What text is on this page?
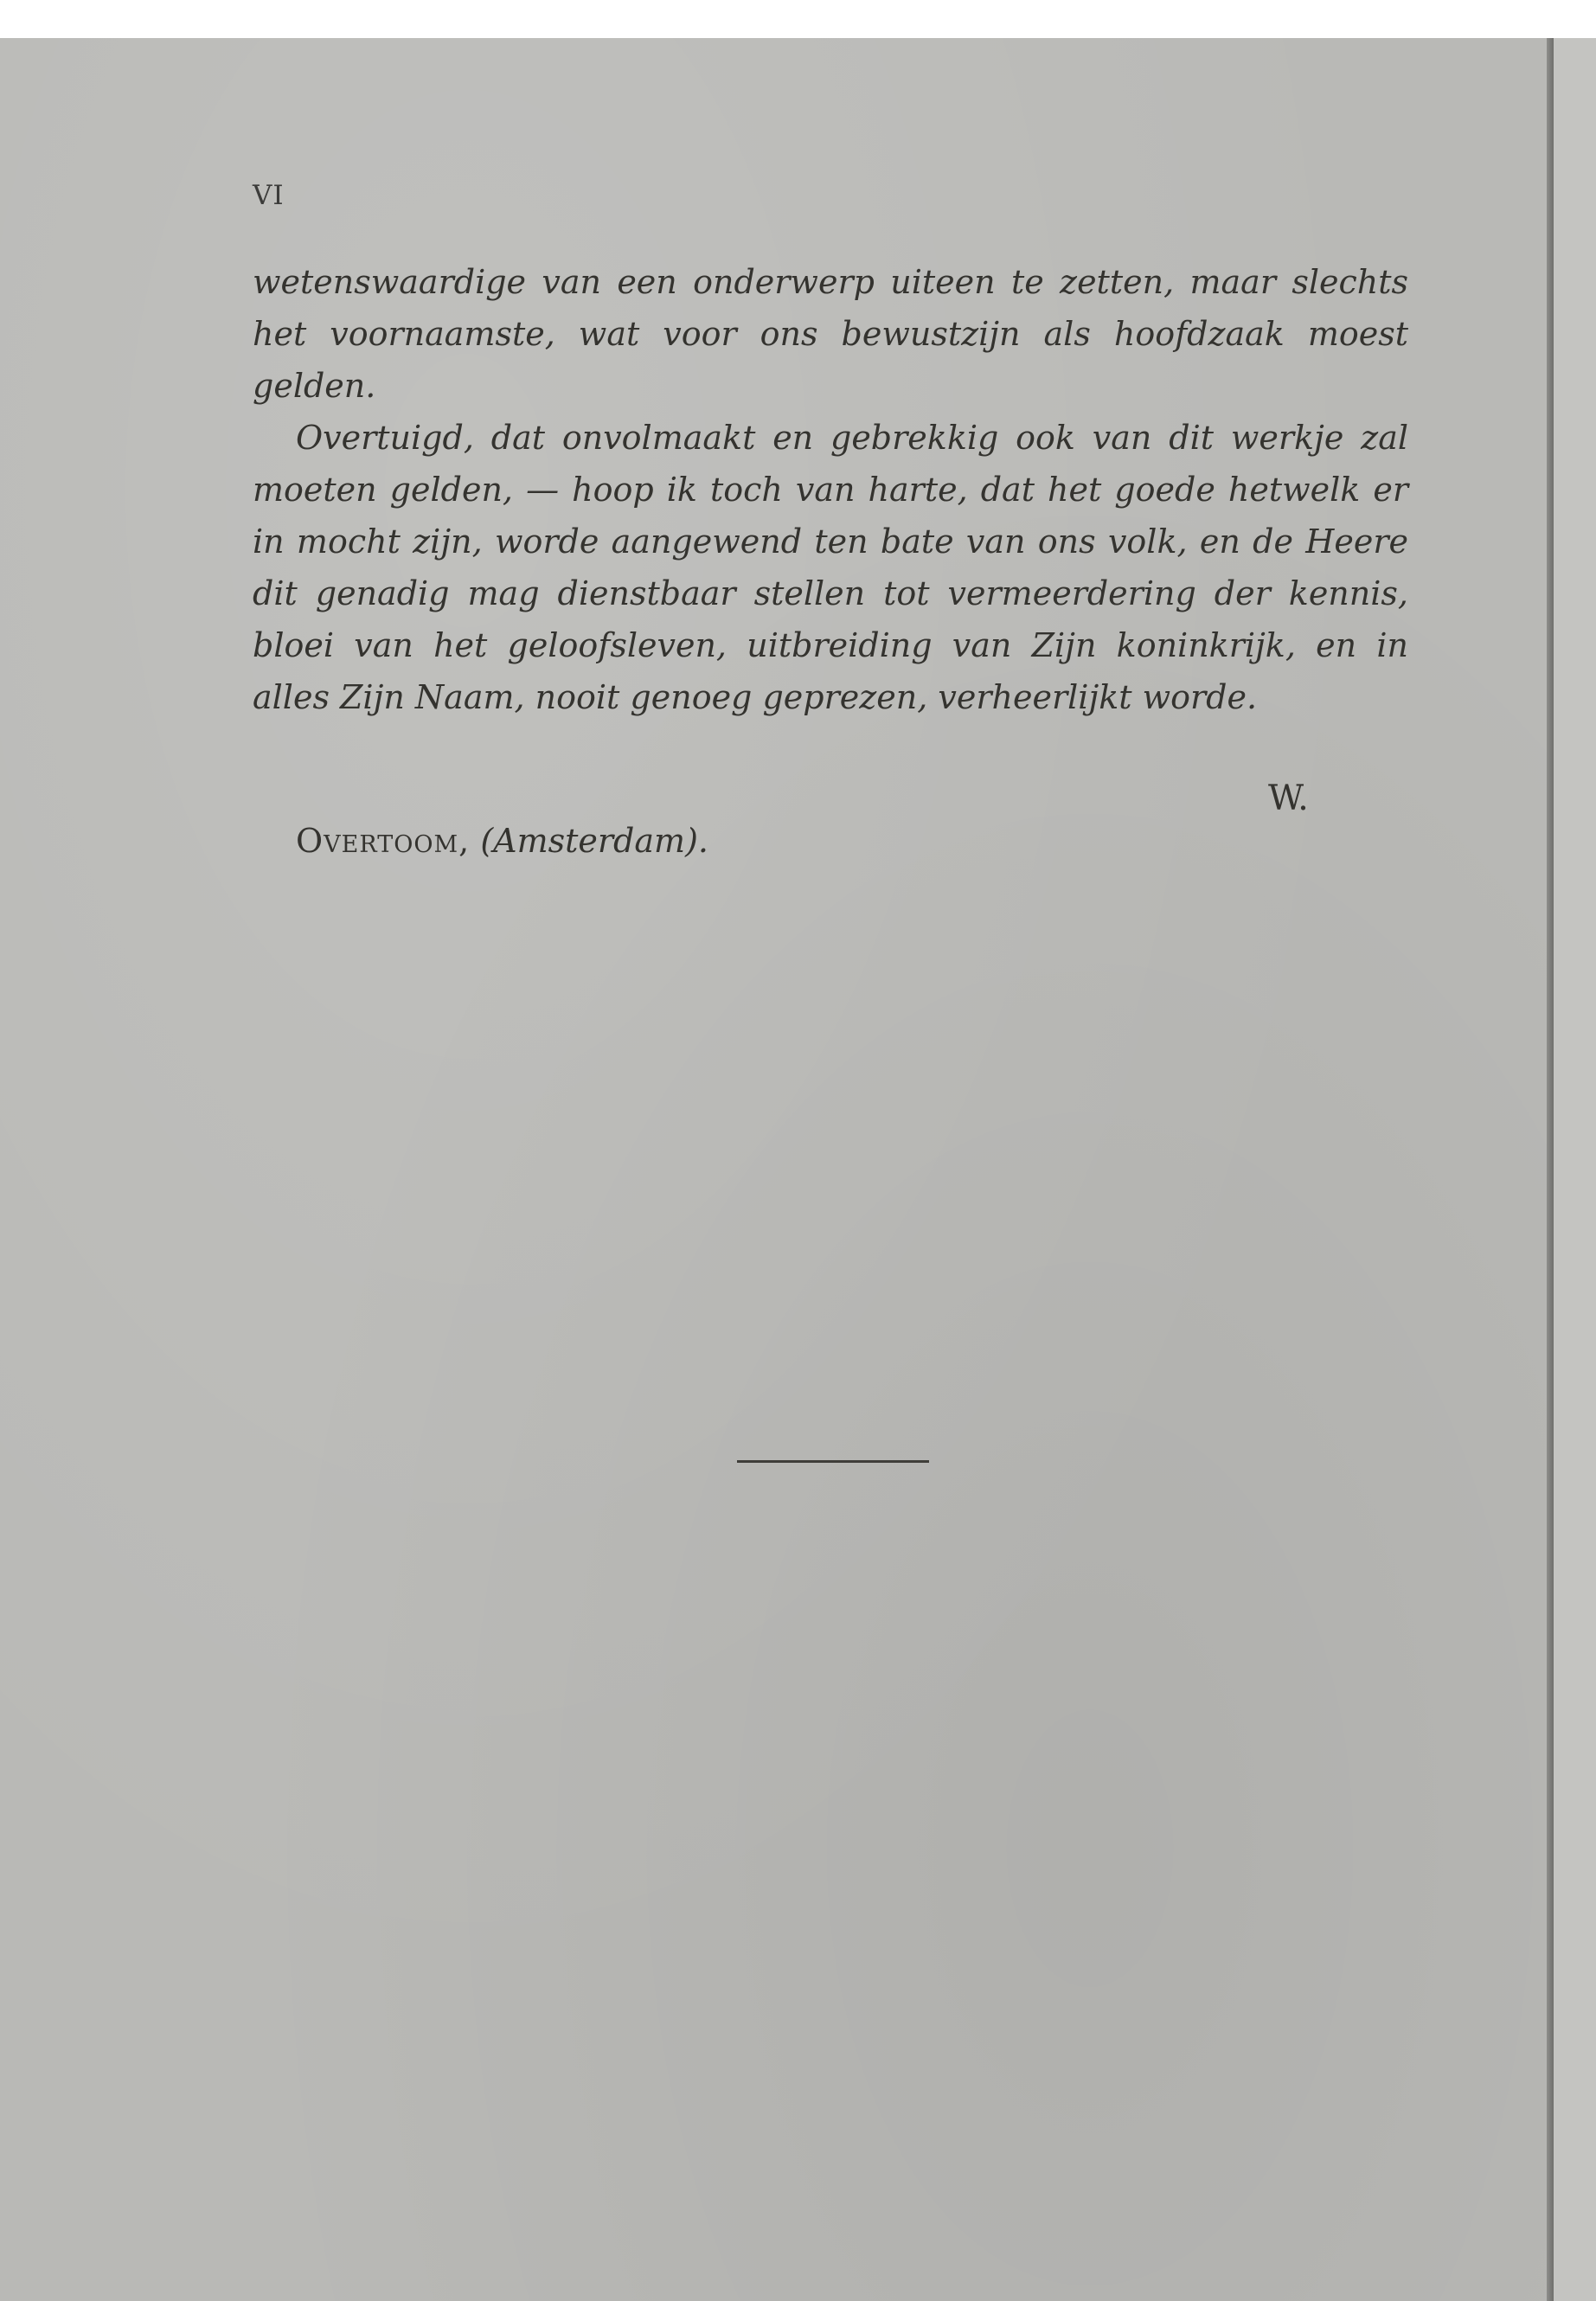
VI

wetenswaardige van een onderwerp uiteen te zetten, maar slechts het voornaamste, wat voor ons bewustzijn als hoofdzaak moest gelden.

Overtuigd, dat onvolmaakt en gebrekkig ook van dit werkje zal moeten gelden, — hoop ik toch van harte, dat het goede hetwelk er in mocht zijn, worde aangewend ten bate van ons volk, en de Heere dit genadig mag dienstbaar stellen tot vermeerdering der kennis, bloei van het geloofsleven, uitbreiding van Zijn koninkrijk, en in alles Zijn Naam, nooit genoeg geprezen, verheerlijkt worde.

W.
Overtoom, (Amsterdam).
